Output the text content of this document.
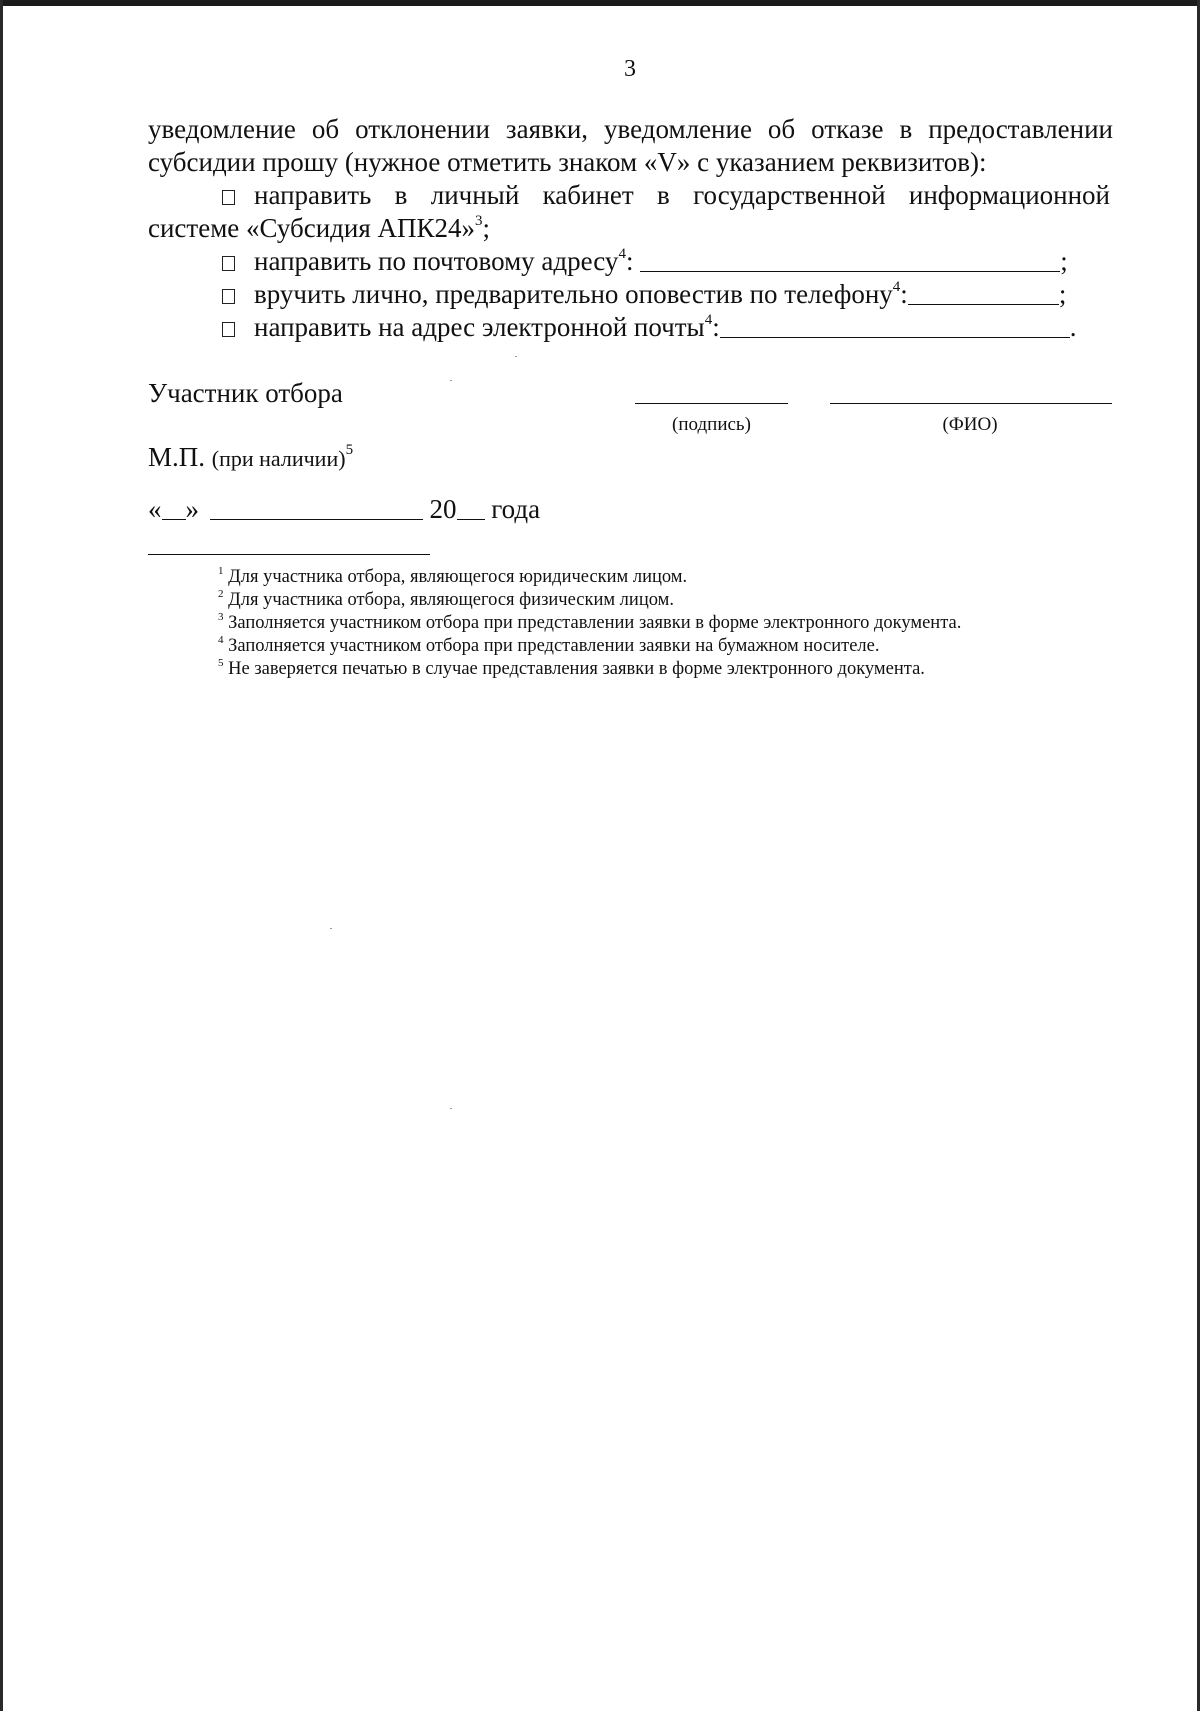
3
уведомление об отклонении заявки, уведомление об отказе в предоставлении
субсидии прошу (нужное отметить знаком «V» с указанием реквизитов):
направить в личный кабинет в государственной информационной
системе «Субсидия АПК24»$^3$;
направить по почтовому адресу$^4$:	;
вручить лично, предварительно оповестив по телефону$^4$:	;
направить на адрес электронной почты$^4$:	.
Участник отбора
(подпись)	(ФИО)
М.П. (при наличии)$^5$
« »	20 года
$^1$ Для участника отбора, являющегося юридическим лицом.
$^2$ Для участника отбора, являющегося физическим лицом.
$^3$ Заполняется участником отбора при представлении заявки в форме электронного документа.
$^4$ Заполняется участником отбора при представлении заявки на бумажном носителе.
$^5$ Не заверяется печатью в случае представления заявки в форме электронного документа.
